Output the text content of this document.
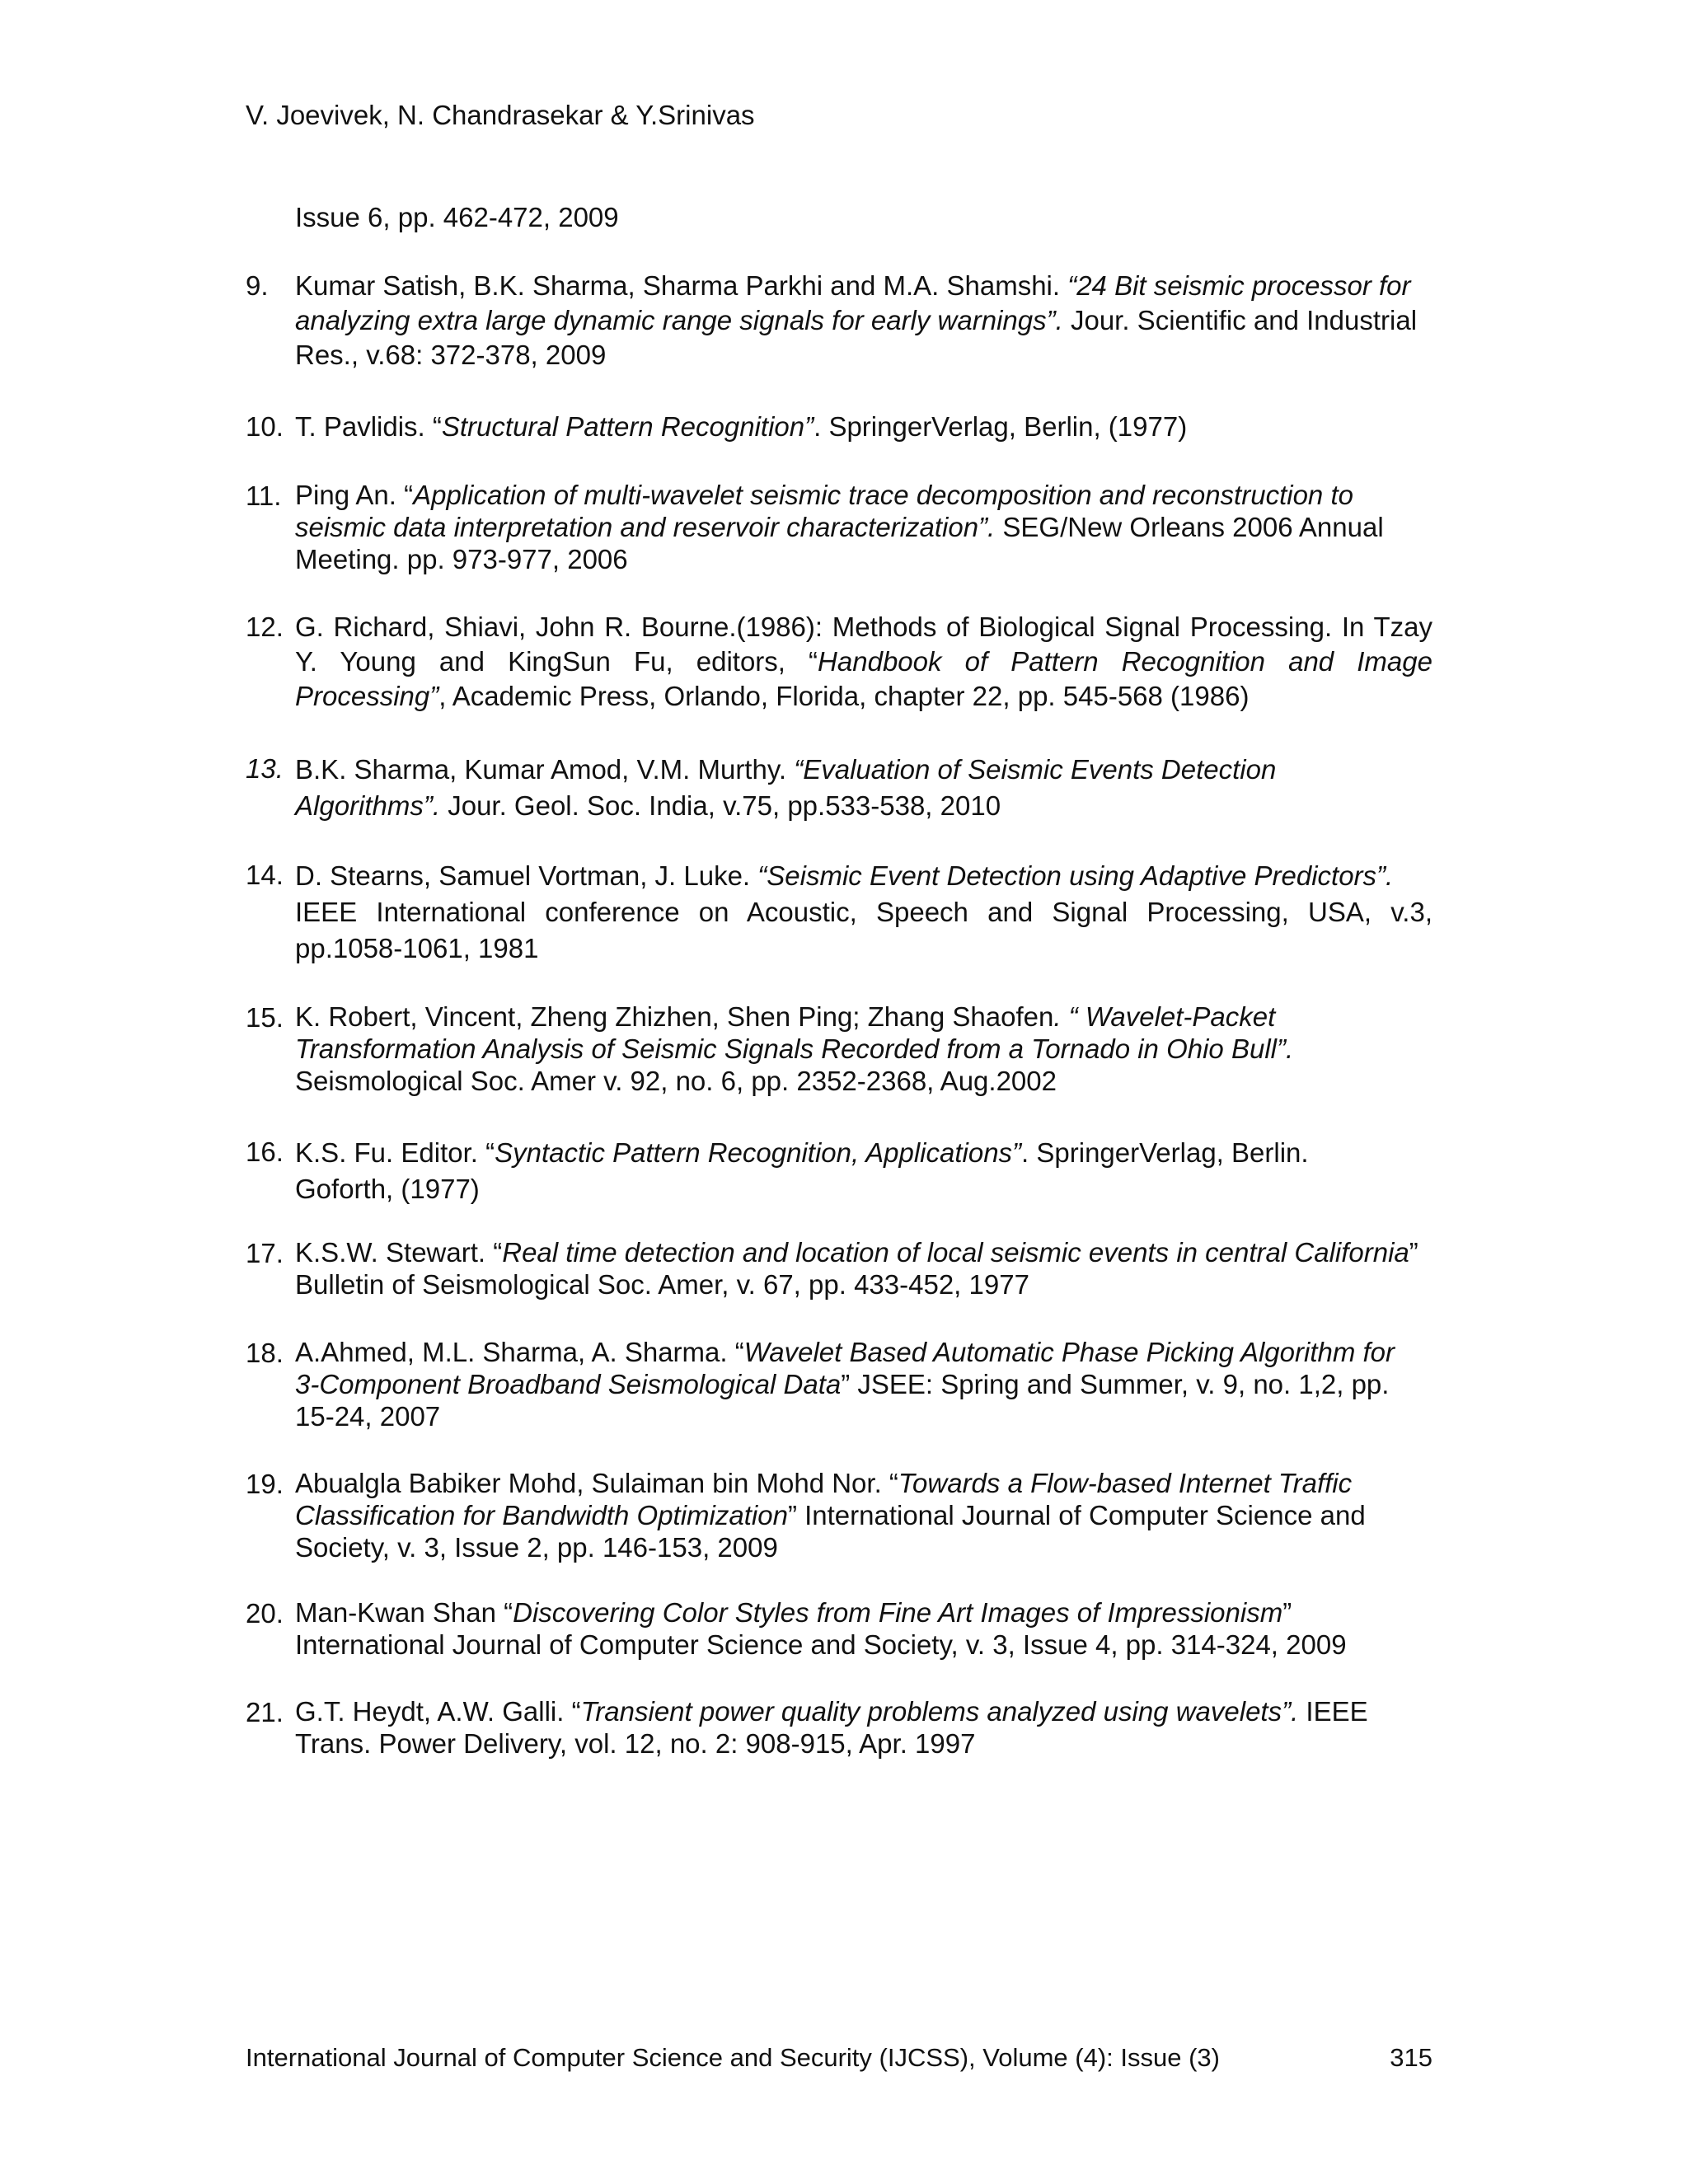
V. Joevivek, N. Chandrasekar & Y.Srinivas
Issue 6, pp. 462-472, 2009
9. Kumar Satish, B.K. Sharma, Sharma Parkhi and M.A. Shamshi. “24 Bit seismic processor for
analyzing extra large dynamic range signals for early warnings”. Jour. Scientific and Industrial
Res., v.68: 372-378, 2009
10. T. Pavlidis. “Structural Pattern Recognition”. SpringerVerlag, Berlin, (1977)
11. Ping An. “Application of multi-wavelet seismic trace decomposition and reconstruction to
seismic data interpretation and reservoir characterization”. SEG/New Orleans 2006 Annual
Meeting. pp. 973-977, 2006
12. G. Richard, Shiavi, John R. Bourne.(1986): Methods of Biological Signal Processing. In Tzay
Y. Young and KingSun Fu, editors, “Handbook of Pattern Recognition and Image
Processing”, Academic Press, Orlando, Florida, chapter 22, pp. 545-568 (1986)
13. B.K. Sharma, Kumar Amod, V.M. Murthy. “Evaluation of Seismic Events Detection
Algorithms”. Jour. Geol. Soc. India, v.75, pp.533-538, 2010
14. D. Stearns, Samuel Vortman, J. Luke. “Seismic Event Detection using Adaptive Predictors”.
IEEE International conference on Acoustic, Speech and Signal Processing, USA, v.3,
pp.1058-1061, 1981
15. K. Robert, Vincent, Zheng Zhizhen, Shen Ping; Zhang Shaofen. “ Wavelet-Packet
Transformation Analysis of Seismic Signals Recorded from a Tornado in Ohio Bull”.
Seismological Soc. Amer v. 92, no. 6, pp. 2352-2368, Aug.2002
16. K.S. Fu. Editor. “Syntactic Pattern Recognition, Applications”. SpringerVerlag, Berlin.
Goforth, (1977)
17. K.S.W. Stewart. “Real time detection and location of local seismic events in central California”
Bulletin of Seismological Soc. Amer, v. 67, pp. 433-452, 1977
18. A.Ahmed, M.L. Sharma, A. Sharma. “Wavelet Based Automatic Phase Picking Algorithm for
3-Component Broadband Seismological Data” JSEE: Spring and Summer, v. 9, no. 1,2, pp.
15-24, 2007
19. Abualgla Babiker Mohd, Sulaiman bin Mohd Nor. “Towards a Flow-based Internet Traffic
Classification for Bandwidth Optimization” International Journal of Computer Science and
Society, v. 3, Issue 2, pp. 146-153, 2009
20. Man-Kwan Shan “Discovering Color Styles from Fine Art Images of Impressionism”
International Journal of Computer Science and Society, v. 3, Issue 4, pp. 314-324, 2009
21. G.T. Heydt, A.W. Galli. “Transient power quality problems analyzed using wavelets”. IEEE
Trans. Power Delivery, vol. 12, no. 2: 908-915, Apr. 1997
International Journal of Computer Science and Security (IJCSS), Volume (4): Issue (3)	315
